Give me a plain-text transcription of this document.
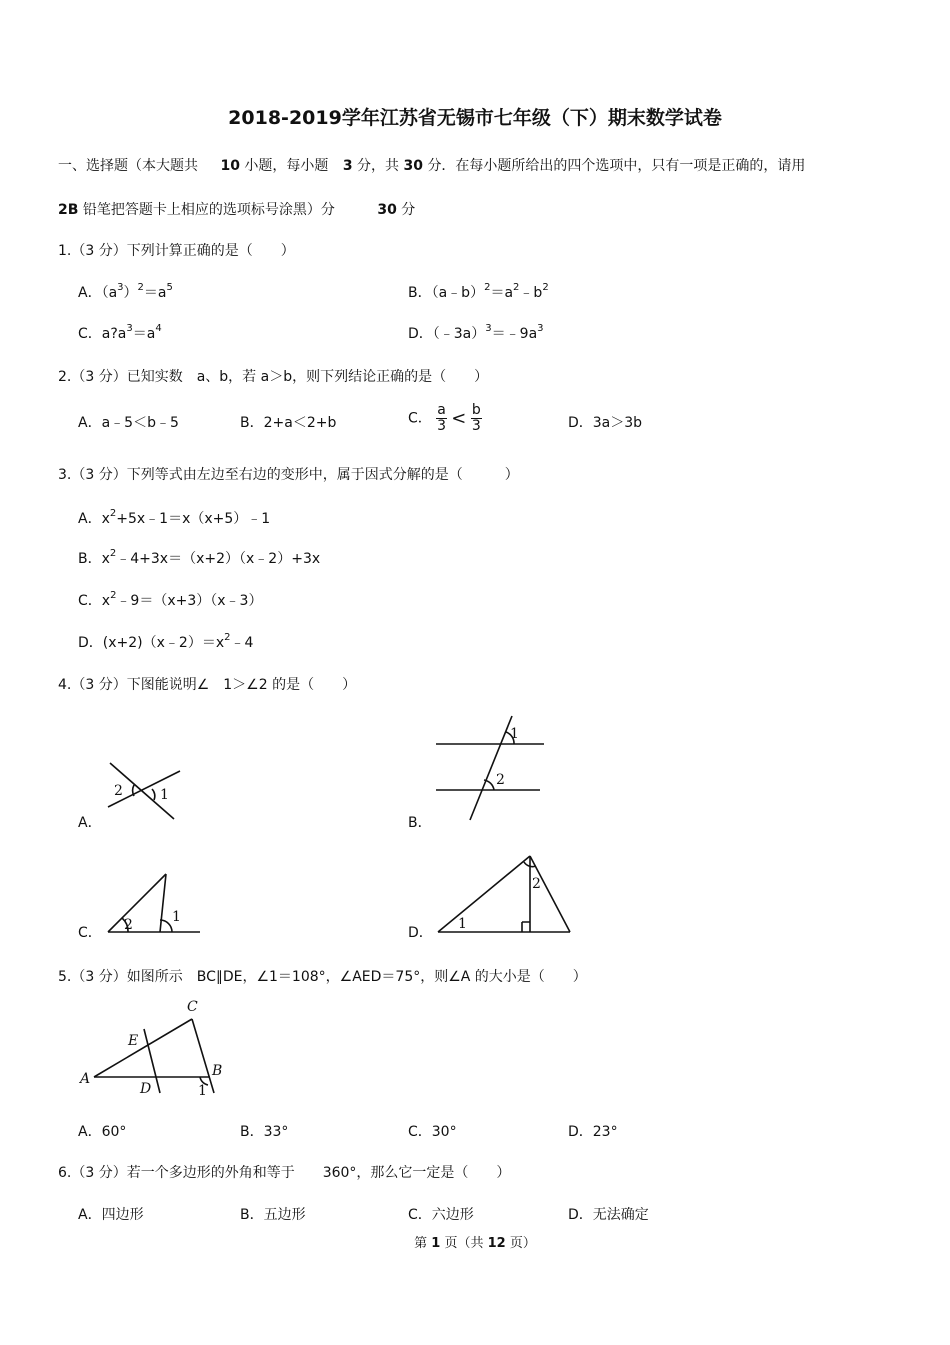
2018-2019学年江苏省无锡市七年级（下）期末数学试卷
一、选择题（本大题共 10 小题，每小题 3 分，共 30 分．在每小题所给出的四个选项中，只有一项是正确的，请用
2B 铅笔把答题卡上相应的选项标号涂黑）分	30 分
1.（3 分）下列计算正确的是（　　）
A．$(a^3)^2=a^5$	B．$(a﹣b)^2=a^2﹣b^2$
C．$a?a^3=a^4$	D．$(﹣3a)^3=﹣9a^3$
2.（3 分）已知实数　a、b，若 a＞b，则下列结论正确的是（　　）
A．a﹣5＜b﹣5	B．2+a＜2+b	C． $\frac{a}{3} < \frac{b}{3}$	D．3a＞3b
3.（3 分）下列等式由左边至右边的变形中，属于因式分解的是（　　　）
A．$x^2+5x﹣1=x(x+5)﹣1$
B．$x^2﹣4+3x=(x+2)(x﹣2)+3x$
C．$x^2﹣9=(x+3)(x﹣3)$
D．$(x+2)(x﹣2)=x^2﹣4$
4.（3 分）下图能说明∠　1＞∠2 的是（　　）
A．
2	1
B．
1
2
C． 2	1
D．
1
2
5.（3 分）如图所示　BC∥DE，∠1＝108°，∠AED＝75°，则∠A 的大小是（　　）
A	B
C
D
E
1
A．60°	B．33°	C．30°	D．23°
6.（3 分）若一个多边形的外角和等于　　360°，那么它一定是（　　）
A．四边形	B．五边形	C．六边形	D．无法确定
第 1 页（共 12 页）
